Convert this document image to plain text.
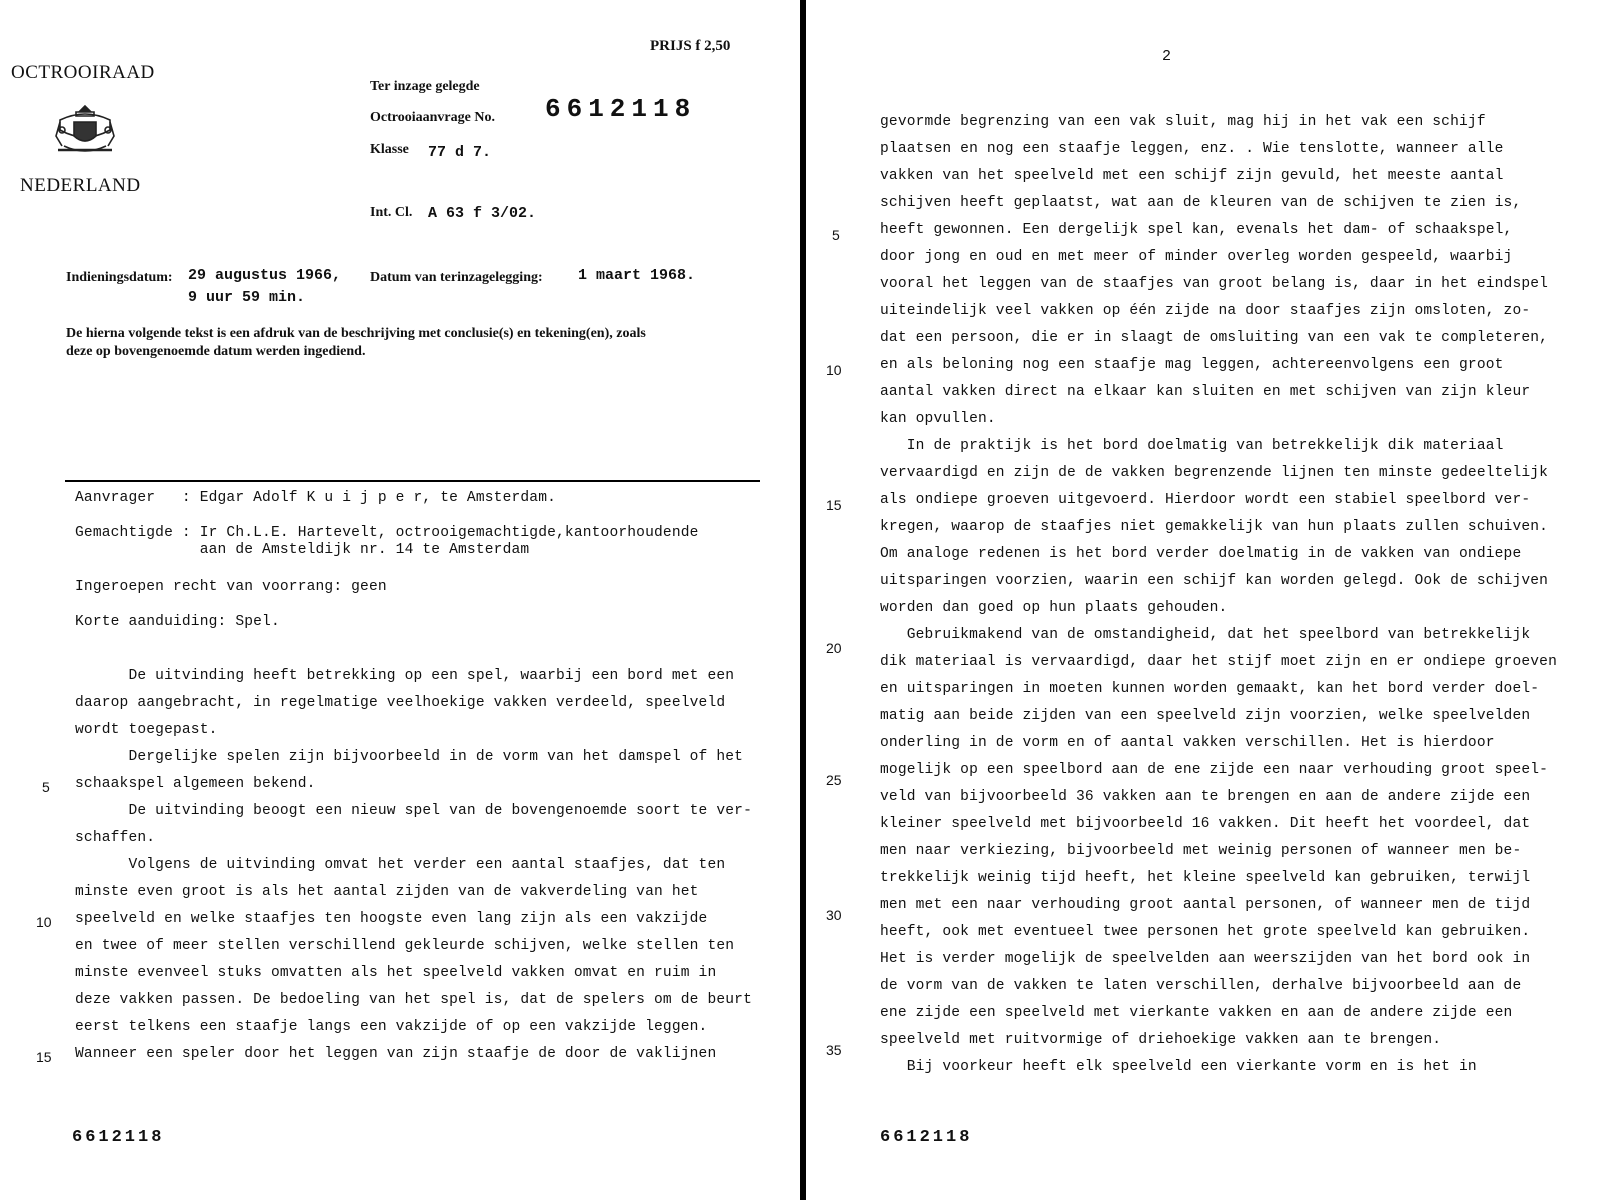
PRIJS f 2,50
OCTROOIRAAD
NEDERLAND
Ter inzage gelegde
Octrooiaanvrage No. 6612118
Klasse 77 d 7.
Int. Cl. A 63 f 3/02.
Indieningsdatum: 29 augustus 1966,
9 uur 59 min.
Datum van terinzagelegging: 1 maart 1968.
De hierna volgende tekst is een afdruk van de beschrijving met conclusie(s) en tekening(en), zoals
deze op bovengenoemde datum werden ingediend.
Aanvrager   : Edgar Adolf K u i j p e r, te Amsterdam.
Gemachtigde : Ir Ch.L.E. Hartevelt, octrooigemachtigde,kantoorhoudende
aan de Amsteldijk nr. 14 te Amsterdam
Ingeroepen recht van voorrang: geen
Korte aanduiding: Spel.
De uitvinding heeft betrekking op een spel, waarbij een bord met een
daarop aangebracht, in regelmatige veelhoekige vakken verdeeld, speelveld
wordt toegepast.
Dergelijke spelen zijn bijvoorbeeld in de vorm van het damspel of het
schaakspel algemeen bekend.
De uitvinding beoogt een nieuw spel van de bovengenoemde soort te ver-
schaffen.
Volgens de uitvinding omvat het verder een aantal staafjes, dat ten
minste even groot is als het aantal zijden van de vakverdeling van het
speelveld en welke staafjes ten hoogste even lang zijn als een vakzijde
en twee of meer stellen verschillend gekleurde schijven, welke stellen ten
minste evenveel stuks omvatten als het speelveld vakken omvat en ruim in
deze vakken passen. De bedoeling van het spel is, dat de spelers om de beurt
eerst telkens een staafje langs een vakzijde of op een vakzijde leggen.
Wanneer een speler door het leggen van zijn staafje de door de vaklijnen
5
10
15
6612118
2
gevormde begrenzing van een vak sluit, mag hij in het vak een schijf
plaatsen en nog een staafje leggen, enz. . Wie tenslotte, wanneer alle
vakken van het speelveld met een schijf zijn gevuld, het meeste aantal
schijven heeft geplaatst, wat aan de kleuren van de schijven te zien is,
heeft gewonnen. Een dergelijk spel kan, evenals het dam- of schaakspel,
door jong en oud en met meer of minder overleg worden gespeeld, waarbij
vooral het leggen van de staafjes van groot belang is, daar in het eindspel
uiteindelijk veel vakken op één zijde na door staafjes zijn omsloten, zo-
dat een persoon, die er in slaagt de omsluiting van een vak te completeren,
en als beloning nog een staafje mag leggen, achtereenvolgens een groot
aantal vakken direct na elkaar kan sluiten en met schijven van zijn kleur
kan opvullen.
In de praktijk is het bord doelmatig van betrekkelijk dik materiaal
vervaardigd en zijn de de vakken begrenzende lijnen ten minste gedeeltelijk
als ondiepe groeven uitgevoerd. Hierdoor wordt een stabiel speelbord ver-
kregen, waarop de staafjes niet gemakkelijk van hun plaats zullen schuiven.
Om analoge redenen is het bord verder doelmatig in de vakken van ondiepe
uitsparingen voorzien, waarin een schijf kan worden gelegd. Ook de schijven
worden dan goed op hun plaats gehouden.
Gebruikmakend van de omstandigheid, dat het speelbord van betrekkelijk
dik materiaal is vervaardigd, daar het stijf moet zijn en er ondiepe groeven
en uitsparingen in moeten kunnen worden gemaakt, kan het bord verder doel-
matig aan beide zijden van een speelveld zijn voorzien, welke speelvelden
onderling in de vorm en of aantal vakken verschillen. Het is hierdoor
mogelijk op een speelbord aan de ene zijde een naar verhouding groot speel-
veld van bijvoorbeeld 36 vakken aan te brengen en aan de andere zijde een
kleiner speelveld met bijvoorbeeld 16 vakken. Dit heeft het voordeel, dat
men naar verkiezing, bijvoorbeeld met weinig personen of wanneer men be-
trekkelijk weinig tijd heeft, het kleine speelveld kan gebruiken, terwijl
men met een naar verhouding groot aantal personen, of wanneer men de tijd
heeft, ook met eventueel twee personen het grote speelveld kan gebruiken.
Het is verder mogelijk de speelvelden aan weerszijden van het bord ook in
de vorm van de vakken te laten verschillen, derhalve bijvoorbeeld aan de
ene zijde een speelveld met vierkante vakken en aan de andere zijde een
speelveld met ruitvormige of driehoekige vakken aan te brengen.
Bij voorkeur heeft elk speelveld een vierkante vorm en is het in
5
10
15
20
25
30
35
6612118
